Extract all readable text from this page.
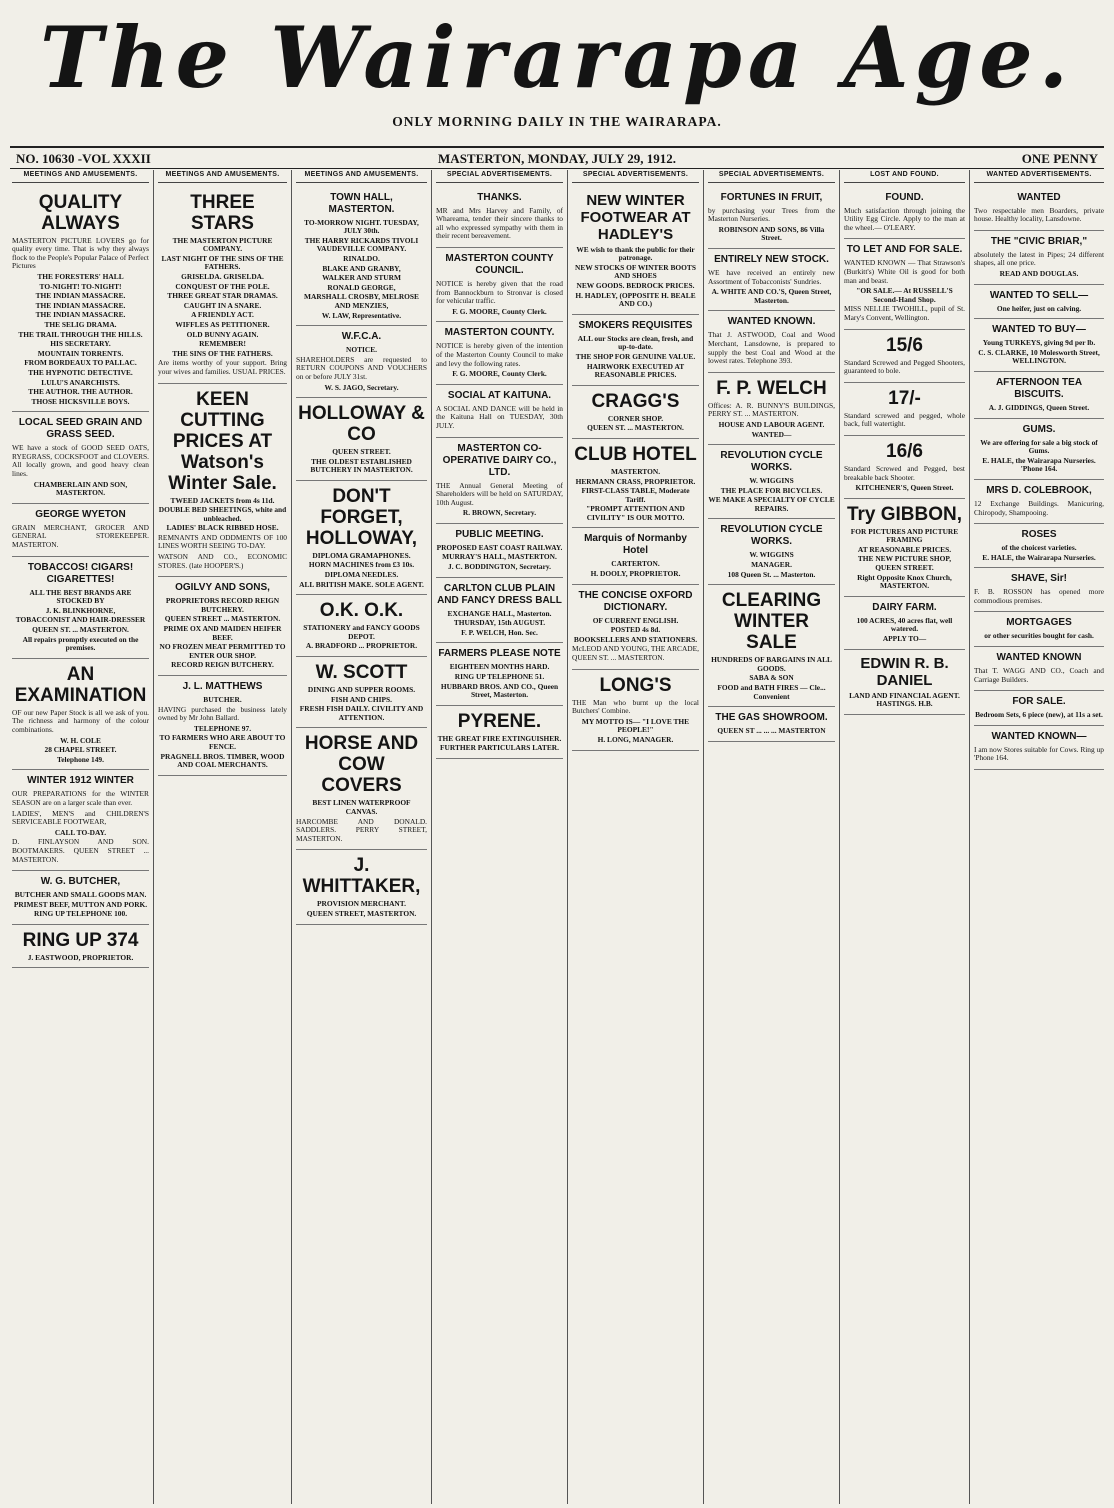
The Wairarapa Age.
ONLY MORNING DAILY IN THE WAIRARAPA.
NO. 10630 -VOL XXXII	MASTERTON, MONDAY, JULY 29, 1912.	ONE PENNY
MEETINGS AND AMUSEMENTS.
QUALITY ALWAYS
MASTERTON PICTURE LOVERS go for quality every time. That is why they always flock to the People's Popular Palace of Perfect Pictures
THE FORESTERS' HALL
TO-NIGHT! TO-NIGHT!
THE INDIAN MASSACRE.
THE INDIAN MASSACRE.
THE INDIAN MASSACRE.
THE SELIG DRAMA.
THE TRAIL THROUGH THE HILLS.
HIS SECRETARY.
MOUNTAIN TORRENTS.
FROM BORDEAUX TO PALLAC.
THE HYPNOTIC DETECTIVE.
LULU'S ANARCHISTS.
THE AUTHOR. THE AUTHOR.
THOSE HICKSVILLE BOYS.
LOCAL SEED GRAIN AND GRASS SEED.
WE have a stock of GOOD SEED OATS, RYEGRASS, COCKSFOOT and CLOVERS. All locally grown, and good heavy clean lines.
CHAMBERLAIN AND SON, MASTERTON.
GEORGE WYETON
GRAIN MERCHANT, GROCER AND GENERAL STOREKEEPER. MASTERTON.
TOBACCOS! CIGARS! CIGARETTES!
ALL THE BEST BRANDS ARE STOCKED BY
J. K. BLINKHORNE,
TOBACCONIST AND HAIR-DRESSER
QUEEN ST. ... MASTERTON.
All repairs promptly executed on the premises.
AN EXAMINATION
OF our new Paper Stock is all we ask of you. The richness and harmony of the colour combinations.
W. H. COLE
28 CHAPEL STREET.
Telephone 149.
WINTER 1912 WINTER
OUR PREPARATIONS for the WINTER SEASON are on a larger scale than ever.
LADIES', MEN'S and CHILDREN'S SERVICEABLE FOOTWEAR,
CALL TO-DAY.
D. FINLAYSON AND SON. BOOTMAKERS. QUEEN STREET ... MASTERTON.
W. G. BUTCHER,
BUTCHER AND SMALL GOODS MAN.
PRIMEST BEEF, MUTTON AND PORK.
RING UP TELEPHONE 100.
RING UP 374
J. EASTWOOD, PROPRIETOR.
MEETINGS AND AMUSEMENTS.
THREE STARS
THE MASTERTON PICTURE COMPANY.
LAST NIGHT OF THE SINS OF THE FATHERS.
GRISELDA. GRISELDA.
CONQUEST OF THE POLE.
THREE GREAT STAR DRAMAS.
CAUGHT IN A SNARE.
A FRIENDLY ACT.
WIFFLES AS PETITIONER.
OLD BUNNY AGAIN.
REMEMBER!
THE SINS OF THE FATHERS.
Are items worthy of your support. Bring your wives and families. USUAL PRICES.
KEEN CUTTING PRICES AT Watson's Winter Sale.
TWEED JACKETS from 4s 11d.
DOUBLE BED SHEETINGS, white and unbleached.
LADIES' BLACK RIBBED HOSE.
REMNANTS AND ODDMENTS OF 100 LINES WORTH SEEING TO-DAY.
WATSON AND CO., ECONOMIC STORES. (late HOOPER'S.)
OGILVY AND SONS,
PROPRIETORS RECORD REIGN BUTCHERY.
QUEEN STREET ... MASTERTON.
PRIME OX AND MAIDEN HEIFER BEEF.
NO FROZEN MEAT PERMITTED TO ENTER OUR SHOP.
RECORD REIGN BUTCHERY.
J. L. MATTHEWS
BUTCHER.
HAVING purchased the business lately owned by Mr John Ballard.
TELEPHONE 97.
TO FARMERS WHO ARE ABOUT TO FENCE.
PRAGNELL BROS. TIMBER, WOOD AND COAL MERCHANTS.
MEETINGS AND AMUSEMENTS.
TOWN HALL, MASTERTON.
TO-MORROW NIGHT. TUESDAY, JULY 30th.
THE HARRY RICKARDS TIVOLI VAUDEVILLE COMPANY.
RINALDO.
BLAKE AND GRANBY,
WALKER AND STURM
RONALD GEORGE,
MARSHALL CROSBY, MELROSE AND MENZIES,
W. LAW, Representative.
W.F.C.A.
NOTICE.
SHAREHOLDERS are requested to RETURN COUPONS AND VOUCHERS on or before JULY 31st.
W. S. JAGO, Secretary.
HOLLOWAY & CO
QUEEN STREET.
THE OLDEST ESTABLISHED BUTCHERY IN MASTERTON.
DON'T FORGET, HOLLOWAY,
DIPLOMA GRAMAPHONES.
HORN MACHINES from £3 10s.
DIPLOMA NEEDLES.
ALL BRITISH MAKE. SOLE AGENT.
O.K. O.K.
STATIONERY and FANCY GOODS DEPOT.
A. BRADFORD ... PROPRIETOR.
W. SCOTT
DINING AND SUPPER ROOMS.
FISH AND CHIPS.
FRESH FISH DAILY. CIVILITY AND ATTENTION.
HORSE AND COW COVERS
BEST LINEN WATERPROOF CANVAS.
HARCOMBE AND DONALD. SADDLERS. PERRY STREET, MASTERTON.
J. WHITTAKER,
PROVISION MERCHANT.
QUEEN STREET, MASTERTON.
SPECIAL ADVERTISEMENTS.
THANKS.
MR and Mrs Harvey and Family, of Whareama, tender their sincere thanks to all who expressed sympathy with them in their recent bereavement.
MASTERTON COUNTY COUNCIL.
NOTICE is hereby given that the road from Bannockburn to Stronvar is closed for vehicular traffic.
F. G. MOORE, County Clerk.
MASTERTON COUNTY.
NOTICE is hereby given of the intention of the Masterton County Council to make and levy the following rates.
F. G. MOORE, County Clerk.
SOCIAL AT KAITUNA.
A SOCIAL AND DANCE will be held in the Kaituna Hall on TUESDAY, 30th JULY.
MASTERTON CO-OPERATIVE DAIRY CO., LTD.
THE Annual General Meeting of Shareholders will be held on SATURDAY, 10th August.
R. BROWN, Secretary.
PUBLIC MEETING.
PROPOSED EAST COAST RAILWAY.
MURRAY'S HALL, MASTERTON.
J. C. BODDINGTON, Secretary.
CARLTON CLUB PLAIN AND FANCY DRESS BALL
EXCHANGE HALL, Masterton.
THURSDAY, 15th AUGUST.
F. P. WELCH, Hon. Sec.
FARMERS PLEASE NOTE
EIGHTEEN MONTHS HARD.
RING UP TELEPHONE 51.
HUBBARD BROS. AND CO., Queen Street, Masterton.
PYRENE.
THE GREAT FIRE EXTINGUISHER.
FURTHER PARTICULARS LATER.
SPECIAL ADVERTISEMENTS.
NEW WINTER FOOTWEAR AT HADLEY'S
WE wish to thank the public for their patronage.
NEW STOCKS OF WINTER BOOTS AND SHOES
NEW GOODS. BEDROCK PRICES.
H. HADLEY, (OPPOSITE H. BEALE AND CO.)
SMOKERS REQUISITES
ALL our Stocks are clean, fresh, and up-to-date.
THE SHOP FOR GENUINE VALUE.
HAIRWORK EXECUTED AT REASONABLE PRICES.
CRAGG'S
CORNER SHOP.
QUEEN ST. ... MASTERTON.
CLUB HOTEL
MASTERTON.
HERMANN CRASS, PROPRIETOR.
FIRST-CLASS TABLE, Moderate Tariff.
"PROMPT ATTENTION AND CIVILITY" IS OUR MOTTO.
Marquis of Normanby Hotel
CARTERTON.
H. DOOLY, PROPRIETOR.
THE CONCISE OXFORD DICTIONARY.
OF CURRENT ENGLISH.
POSTED 4s 8d.
BOOKSELLERS AND STATIONERS.
McLEOD AND YOUNG, THE ARCADE, QUEEN ST. ... MASTERTON.
LONG'S
THE Man who burnt up the local Butchers' Combine.
MY MOTTO IS— "I LOVE THE PEOPLE!"
H. LONG, MANAGER.
SPECIAL ADVERTISEMENTS.
FORTUNES IN FRUIT,
by purchasing your Trees from the Masterton Nurseries.
ROBINSON AND SONS, 86 Villa Street.
ENTIRELY NEW STOCK.
WE have received an entirely new Assortment of Tobacconists' Sundries.
A. WHITE AND CO.'S, Queen Street, Masterton.
WANTED KNOWN.
That J. ASTWOOD, Coal and Wood Merchant, Lansdowne, is prepared to supply the best Coal and Wood at the lowest rates. Telephone 393.
F. P. WELCH
Offices: A. R. BUNNY'S BUILDINGS, PERRY ST. ... MASTERTON.
HOUSE AND LABOUR AGENT.
WANTED—
REVOLUTION CYCLE WORKS.
W. WIGGINS
THE PLACE FOR BICYCLES.
WE MAKE A SPECIALTY OF CYCLE REPAIRS.
REVOLUTION CYCLE WORKS.
W. WIGGINS
MANAGER.
108 Queen St. ... Masterton.
CLEARING WINTER SALE
HUNDREDS OF BARGAINS IN ALL GOODS.
SABA & SON
FOOD and BATH FIRES — Cle... Convenient
THE GAS SHOWROOM.
QUEEN ST ... ... ... MASTERTON
LOST AND FOUND.
FOUND.
Much satisfaction through joining the Utility Egg Circle. Apply to the man at the wheel.— O'LEARY.
TO LET AND FOR SALE.
WANTED KNOWN — That Strawson's (Burkitt's) White Oil is good for both man and beast.
"OR SALE.— At RUSSELL'S Second-Hand Shop.
MISS NELLIE TWOHILL, pupil of St. Mary's Convent, Wellington.
15/6
Standard Screwed and Pegged Shooters, guaranteed to bole.
17/-
Standard screwed and pegged, whole back, full watertight.
16/6
Standard Screwed and Pegged, best breakable back Shooter.
KITCHENER'S, Queen Street.
Try GIBBON,
FOR PICTURES AND PICTURE FRAMING
AT REASONABLE PRICES.
THE NEW PICTURE SHOP, QUEEN STREET.
Right Opposite Knox Church, MASTERTON.
DAIRY FARM.
100 ACRES, 40 acres flat, well watered.
APPLY TO—
EDWIN R. B. DANIEL
LAND AND FINANCIAL AGENT. HASTINGS. H.B.
WANTED ADVERTISEMENTS.
WANTED
Two respectable men Boarders, private house. Healthy locality, Lansdowne.
THE "CIVIC BRIAR,"
absolutely the latest in Pipes; 24 different shapes, all one price.
READ AND DOUGLAS.
WANTED TO SELL—
One heifer, just on calving.
WANTED TO BUY—
Young TURKEYS, giving 9d per lb.
C. S. CLARKE, 10 Molesworth Street, WELLINGTON.
AFTERNOON TEA BISCUITS.
A. J. GIDDINGS, Queen Street.
GUMS.
We are offering for sale a big stock of Gums.
E. HALE, the Wairarapa Nurseries. 'Phone 164.
MRS D. COLEBROOK,
12 Exchange Buildings. Manicuring, Chiropody, Shampooing.
ROSES
of the choicest varieties.
E. HALE, the Wairarapa Nurseries.
SHAVE, Sir!
F. B. ROSSON has opened more commodious premises.
MORTGAGES
or other securities bought for cash.
WANTED KNOWN
That T. WAGG AND CO., Coach and Carriage Builders.
FOR SALE.
Bedroom Sets, 6 piece (new), at 11s a set.
WANTED KNOWN—
I am now Stores suitable for Cows. Ring up 'Phone 164.
